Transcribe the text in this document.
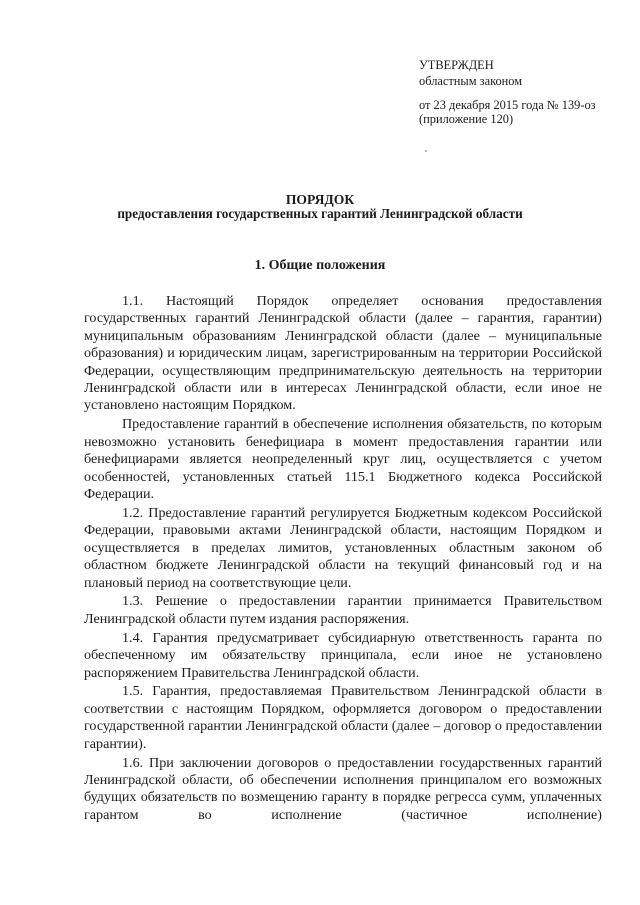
УТВЕРЖДЕН
областным законом
от 23 декабря 2015 года № 139-оз
(приложение 120)
ПОРЯДОК
предоставления государственных гарантий Ленинградской области
1. Общие положения

1.1. Настоящий Порядок определяет основания предоставления государственных гарантий Ленинградской области (далее – гарантия, гарантии) муниципальным образованиям Ленинградской области (далее – муниципальные образования) и юридическим лицам, зарегистрированным на территории Российской Федерации, осуществляющим предпринимательскую деятельность на территории Ленинградской области или в интересах Ленинградской области, если иное не установлено настоящим Порядком.

Предоставление гарантий в обеспечение исполнения обязательств, по которым невозможно установить бенефициара в момент предоставления гарантии или бенефициарами является неопределенный круг лиц, осуществляется с учетом особенностей, установленных статьей 115.1 Бюджетного кодекса Российской Федерации.

1.2. Предоставление гарантий регулируется Бюджетным кодексом Российской Федерации, правовыми актами Ленинградской области, настоящим Порядком и осуществляется в пределах лимитов, установленных областным законом об областном бюджете Ленинградской области на текущий финансовый год и на плановый период на соответствующие цели.

1.3. Решение о предоставлении гарантии принимается Правительством Ленинградской области путем издания распоряжения.

1.4. Гарантия предусматривает субсидиарную ответственность гаранта по обеспеченному им обязательству принципала, если иное не установлено распоряжением Правительства Ленинградской области.

1.5. Гарантия, предоставляемая Правительством Ленинградской области в соответствии с настоящим Порядком, оформляется договором о предоставлении государственной гарантии Ленинградской области (далее – договор о предоставлении гарантии).

1.6. При заключении договоров о предоставлении государственных гарантий Ленинградской области, об обеспечении исполнения принципалом его возможных будущих обязательств по возмещению гаранту в порядке регресса сумм, уплаченных гарантом во исполнение (частичное исполнение)
